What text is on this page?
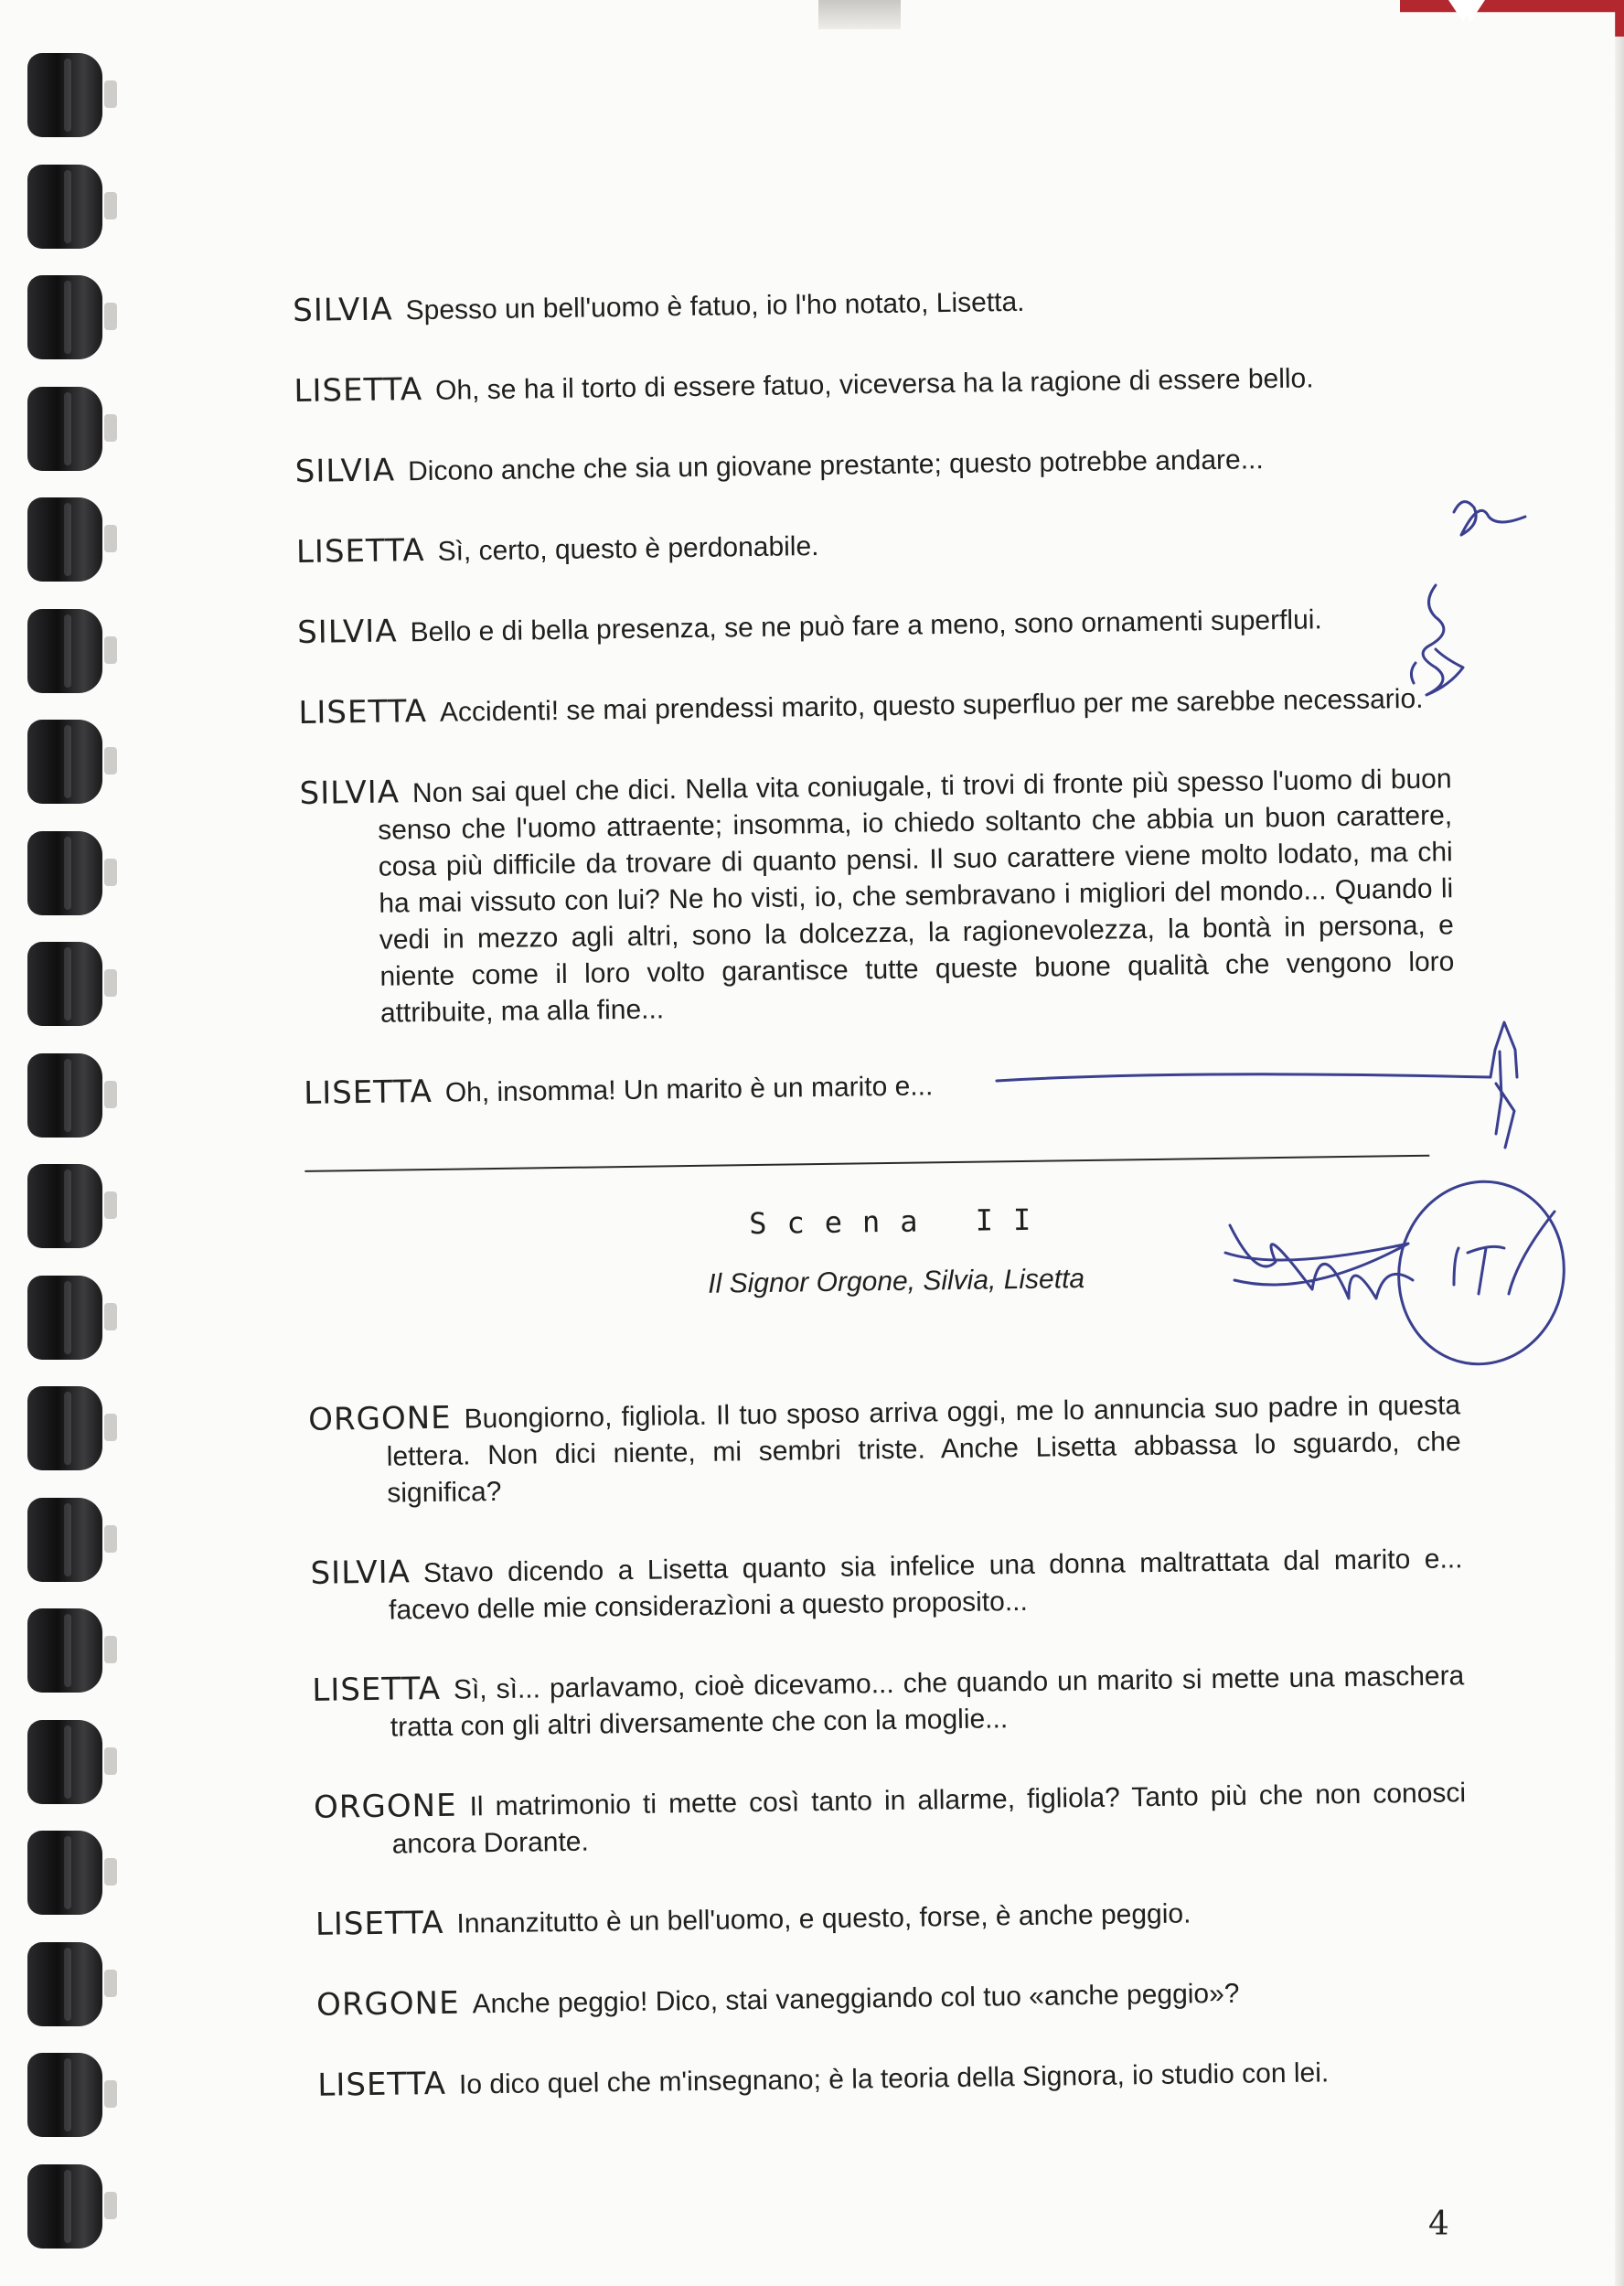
SILVIA Spesso un bell'uomo è fatuo, io l'ho notato, Lisetta.
LISETTA Oh, se ha il torto di essere fatuo, viceversa ha la ragione di essere bello.
SILVIA Dicono anche che sia un giovane prestante; questo potrebbe andare...
LISETTA Sì, certo, questo è perdonabile.
SILVIA Bello e di bella presenza, se ne può fare a meno, sono ornamenti superflui.
LISETTA Accidenti! se mai prendessi marito, questo superfluo per me sarebbe necessario.
SILVIA Non sai quel che dici. Nella vita coniugale, ti trovi di fronte più spesso l'uomo di buon senso che l'uomo attraente; insomma, io chiedo soltanto che abbia un buon carattere, cosa più difficile da trovare di quanto pensi. Il suo carattere viene molto lodato, ma chi ha mai vissuto con lui? Ne ho visti, io, che sembravano i migliori del mondo... Quando li vedi in mezzo agli altri, sono la dolcezza, la ragionevolezza, la bontà in persona, e niente come il loro volto garantisce tutte queste buone qualità che vengono loro attribuite, ma alla fine...
LISETTA Oh, insomma! Un marito è un marito e...
Scena II
Il Signor Orgone, Silvia, Lisetta
ORGONE Buongiorno, figliola. Il tuo sposo arriva oggi, me lo annuncia suo padre in questa lettera. Non dici niente, mi sembri triste. Anche Lisetta abbassa lo sguardo, che significa?
SILVIA Stavo dicendo a Lisetta quanto sia infelice una donna maltrattata dal marito e... facevo delle mie considerazìoni a questo proposito...
LISETTA Sì, sì... parlavamo, cioè dicevamo... che quando un marito si mette una maschera tratta con gli altri diversamente che con la moglie...
ORGONE Il matrimonio ti mette così tanto in allarme, figliola? Tanto più che non conosci ancora Dorante.
LISETTA Innanzitutto è un bell'uomo, e questo, forse, è anche peggio.
ORGONE Anche peggio! Dico, stai vaneggiando col tuo «anche peggio»?
LISETTA Io dico quel che m'insegnano; è la teoria della Signora, io studio con lei.
4
